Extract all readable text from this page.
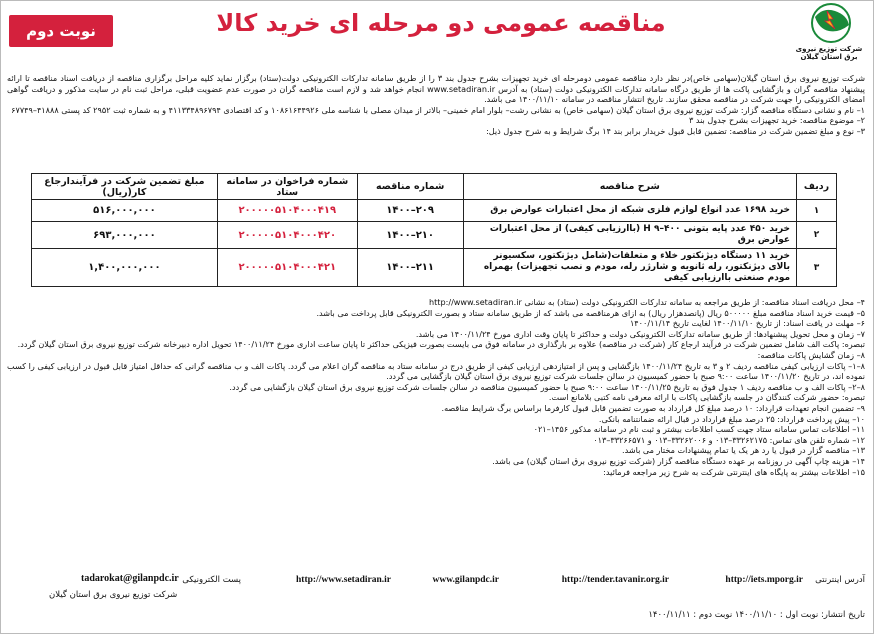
شرکت توزیع نیروی برق استان گیلان
مناقصه عمومی دو مرحله ای خرید کالا
نوبت دوم

شرکت توزیع نیروی برق استان گیلان(سهامی خاص)در نظر دارد مناقصه عمومی دومرحله ای خرید تجهیزات بشرح جدول بند ۳ را از طریق سامانه تدارکات الکترونیکی دولت(ستاد) برگزار نماید کلیه مراحل برگزاری مناقصه از دریافت اسناد مناقصه تا ارائه پیشنهاد مناقصه گران و بازگشایی پاکت ها از طریق درگاه سامانه تدارکات الکترونیکی دولت (ستاد) به آدرس www.setadiran.ir انجام خواهد شد و لازم است مناقصه گران در صورت عدم عضویت قبلی، مراحل ثبت نام در سایت مذکور و دریافت گواهی امضای الکترونیکی را جهت شرکت در مناقصه محقق سازند. تاریخ انتشار مناقصه در سامانه ۱۴۰۰/۱۱/۱۰ می باشد.

۱– نام و نشانی دستگاه مناقصه گزار: شرکت توزیع نیروی برق استان گیلان (سهامی خاص) به نشانی رشت– بلوار امام خمینی– بالاتر از میدان مصلی با شناسه ملی ۱۰۸۶۱۶۴۴۹۲۶ و کد اقتصادی ۴۱۱۳۳۴۸۹۶۷۹۴ و به شماره ثبت ۲۹۵۲ کد پستی ۴۱۸۸۸–۶۷۷۴۹

۲– موضوع مناقصه: خرید تجهیزات بشرح جدول بند ۳

۳– نوع و مبلغ تضمین شرکت در مناقصه: تضمین قابل قبول خریدار برابر بند ۱۴ برگ شرایط و به شرح جدول ذیل:

ردیف	شرح مناقصه	شماره مناقصه	شماره فراخوان در سامانه ستاد	مبلغ تضمین شرکت در فرآیندارجاع کار(ریال)
۱	خرید ۱۶۹۸ عدد انواع لوازم فلزی شبکه از محل اعتبارات عوارض برق	۲۰۹–۱۴۰۰	۲۰۰۰۰۰۵۱۰۴۰۰۰۴۱۹	۵۱۶,۰۰۰,۰۰۰
۲	خرید ۴۵۰ عدد پایه بتونی ۴۰۰–۹ H (باارزیابی کیفی) از محل اعتبارات عوارض برق	۲۱۰–۱۴۰۰	۲۰۰۰۰۰۵۱۰۴۰۰۰۴۲۰	۶۹۳,۰۰۰,۰۰۰
۳	خرید ۱۱ دستگاه دیژنکتور خلاء و متعلقات(شامل دیژنکتور، سکسیونر بالای دیژنکتور، رله ثانویه و شارژر رله، مودم و نصب تجهیزات) بهمراه مودم صنعتی باارزیابی کیفی	۲۱۱–۱۴۰۰	۲۰۰۰۰۰۵۱۰۴۰۰۰۴۲۱	۱,۴۰۰,۰۰۰,۰۰۰

۴– محل دریافت اسناد مناقصه: از طریق مراجعه به سامانه تدارکات الکترونیکی دولت (ستاد) به نشانی http://www.setadiran.ir

۵– قیمت خرید اسناد مناقصه مبلغ ۵۰۰۰۰۰ ریال (پانصدهزار ریال) به ازای هرمناقصه می باشد که از طریق سامانه ستاد و بصورت الکترونیکی قابل پرداخت می باشد.

۶– مهلت در یافت اسناد: از تاریخ ۱۴۰۰/۱۱/۱۰ لغایت تاریخ ۱۴۰۰/۱۱/۱۴

۷– زمان و محل تحویل پیشنهادها: از طریق سامانه تدارکات الکترونیکی دولت و حداکثر تا پایان وقت اداری مورخ ۱۴۰۰/۱۱/۲۴ می باشد.

تبصره: پاکت الف شامل تضمین شرکت در فرآیند ارجاع کار (شرکت در مناقصه) علاوه بر بارگذاری در سامانه فوق می بایست بصورت فیزیکی حداکثر تا پایان ساعت اداری مورخ ۱۴۰۰/۱۱/۲۴ تحویل اداره دبیرخانه شرکت توزیع نیروی برق استان گیلان گردد.

۸– زمان گشایش پاکات مناقصه:

۸–۱– پاکات ارزیابی کیفی مناقصه ردیف ۲ و ۳ به تاریخ ۱۴۰۰/۱۱/۲۴ بازگشایی و پس از امتیازدهی ارزیابی کیفی از طریق درج در سامانه ستاد به مناقصه گران اعلام می گردد. پاکات الف و ب مناقصه گرانی که حداقل امتیاز قابل قبول در ارزیابی کیفی را کسب نموده اند، در تاریخ ۱۴۰۰/۱۱/۲۰ ساعت ۹:۰۰ صبح با حضور کمیسیون در سالن جلسات شرکت توزیع نیروی برق استان گیلان بازگشایی می گردد.

۸–۲– پاکات الف و ب مناقصه ردیف ۱ جدول فوق به تاریخ ۱۴۰۰/۱۱/۲۵ ساعت ۹:۰۰ صبح با حضور کمیسیون مناقصه در سالن جلسات شرکت توزیع نیروی برق استان گیلان بازگشایی می گردد.

تبصره: حضور شرکت کنندگان در جلسه بازگشایی پاکات با ارائه معرفی نامه کتبی بلامانع است.

۹– تضمین انجام تعهدات قرارداد: ۱۰ درصد مبلغ کل قرارداد به صورت تضمین قابل قبول کارفرما براساس برگ شرایط مناقصه.

۱۰– پیش پرداخت قرارداد: ۲۵ درصد مبلغ قرارداد در قبال ارائه ضمانتنامه بانکی.

۱۱– اطلاعات تماس سامانه ستاد جهت کسب اطلاعات بیشتر و ثبت نام در سامانه مذکور ۱۴۵۶–۰۲۱

۱۲– شماره تلفن های تماس: ۳۳۲۶۲۱۷۵–۰۱۳ و ۳۳۲۶۲۰۰۶–۰۱۳ و ۳۳۲۶۶۵۷۱–۰۱۳

۱۳– مناقصه گزار در قبول یا رد هر یک یا تمام پیشنهادات مختار می باشد.

۱۴– هزینه چاپ آگهی در روزنامه بر عهده دستگاه مناقصه گزار (شرکت توزیع نیروی برق استان گیلان) می باشد.

۱۵– اطلاعات بیشتر به پایگاه های اینترنتی شرکت به شرح زیر مراجعه فرمائید:

آدرس اینترنتی
http://iets.mporg.ir
http://tender.tavanir.org.ir
www.gilanpdc.ir
http://www.setadiran.ir
پست الکترونیکی
tadarokat@gilanpdc.ir
شرکت توزیع نیروی برق استان گیلان
تاریخ انتشار: نوبت اول : ۱۴۰۰/۱۱/۱۰ نوبت دوم : ۱۴۰۰/۱۱/۱۱
